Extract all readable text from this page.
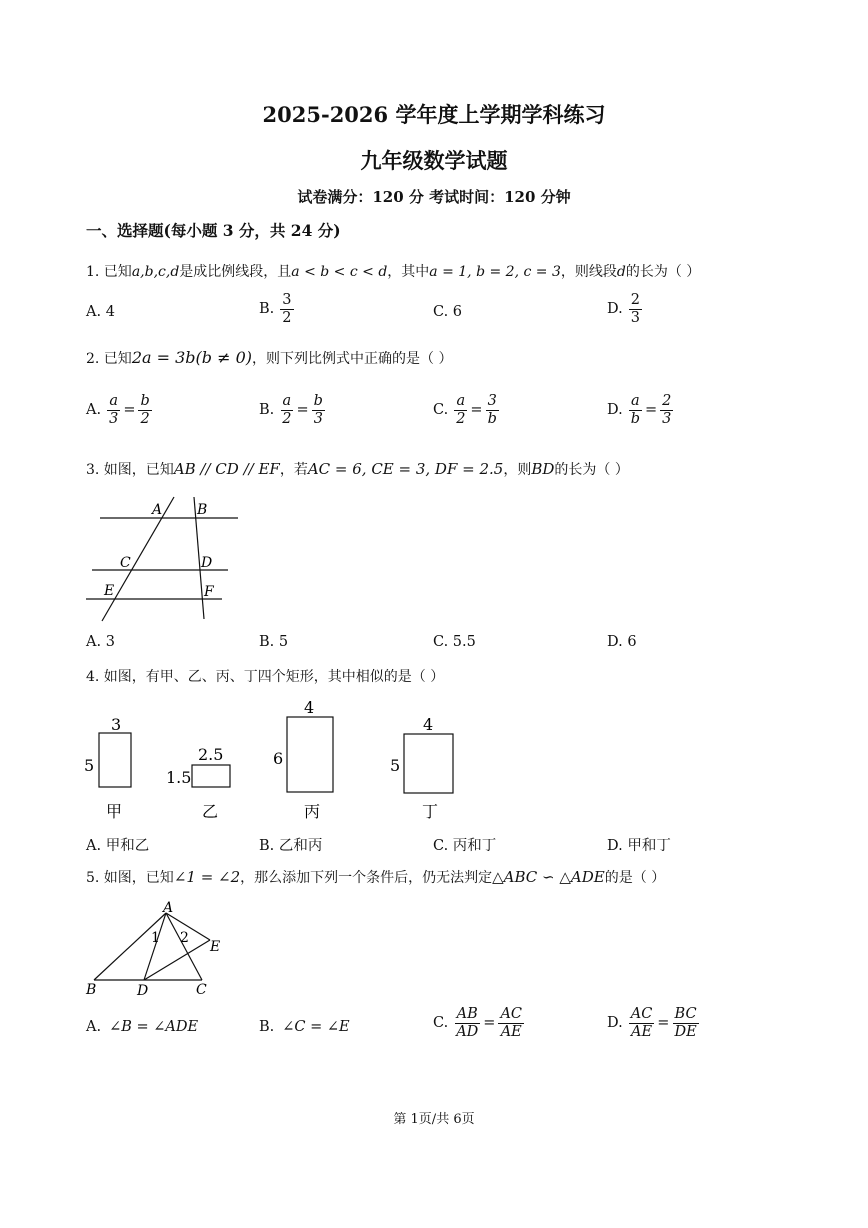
2025-2026 学年度上学期学科练习
九年级数学试题
试卷满分：120 分 考试时间：120 分钟
一、选择题(每小题 3 分，共 24 分)
1. 已知a,b,c,d是成比例线段，且a < b < c < d，其中a = 1, b = 2, c = 3，则线段d的长为（ ）
A. 4	B. $\frac{3}{2}$	C. 6	D. $\frac{2}{3}$
2. 已知2a = 3b(b ≠ 0)，则下列比例式中正确的是（ ）
A. $\frac{a}{3} = \frac{b}{2}$	B. $\frac{a}{2} = \frac{b}{3}$	C. $\frac{a}{2} = \frac{3}{b}$	D. $\frac{a}{b} = \frac{2}{3}$
3. 如图，已知AB // CD // EF，若AC = 6, CE = 3, DF = 2.5，则BD的长为（ ）
A B
C	D
E	F
A. 3	B. 5	C. 5.5	D. 6
4. 如图，有甲、乙、丙、丁四个矩形，其中相似的是（ ）
3
5
甲
2.5
1.5
乙
4
6
丙
4
5
丁
A. 甲和乙	B. 乙和丙	C. 丙和丁	D. 甲和丁
5. 如图，已知∠1 = ∠2，那么添加下列一个条件后，仍无法判定△ABC ∽ △ADE的是（ ）
A
B	C
D
E
1 2
A. ∠B = ∠ADE	B. ∠C = ∠E	C. $\frac{AB}{AD} = \frac{AC}{AE}$	D. $\frac{AC}{AE} = \frac{BC}{DE}$
第 1页/共 6页
